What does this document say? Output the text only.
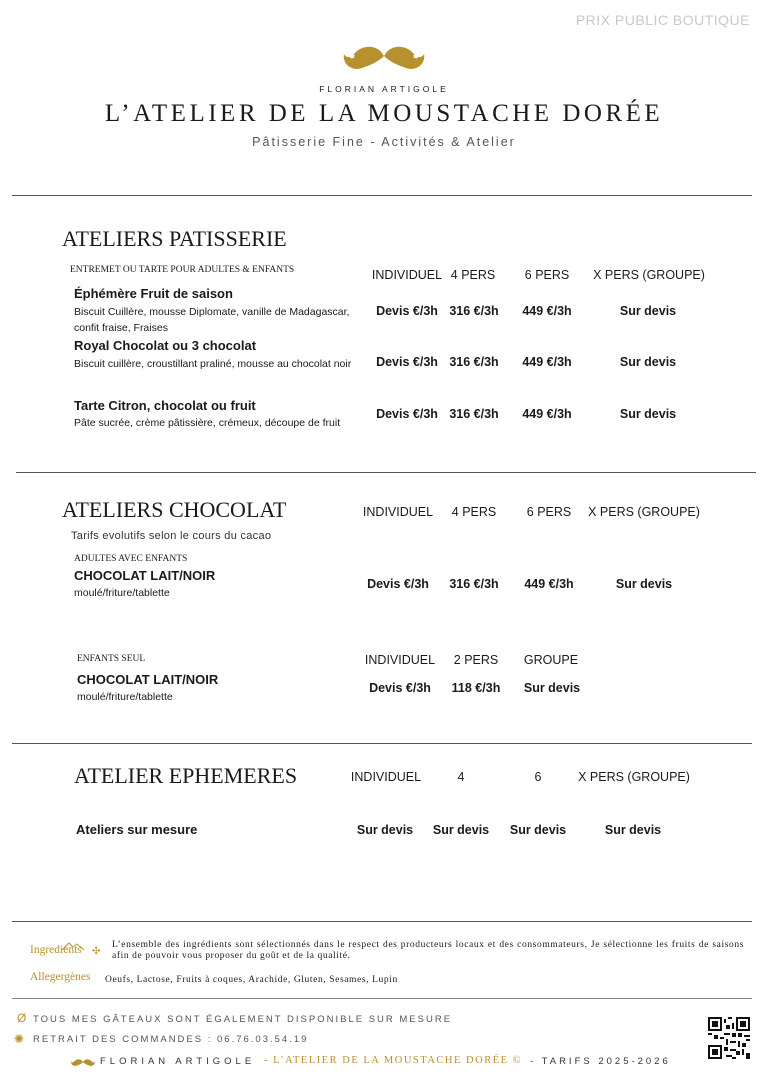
PRIX PUBLIC BOUTIQUE
FLORIAN ARTIGOLE
L’ATELIER DE LA MOUSTACHE DORÉE
Pâtisserie Fine - Activités & Atelier
ATELIERS PATISSERIE
ENTREMET OU TARTE POUR ADULTES & ENFANTS	INDIVIDUEL 4 PERS	6 PERS	X PERS (GROUPE)
Éphémère Fruit de saison
Biscuit Cuillère, mousse Diplomate, vanille de Madagascar, confit fraise, Fraises
Devis €/3h 316 €/3h	449 €/3h	Sur devis
Royal Chocolat ou 3 chocolat
Biscuit cuillère, croustillant praliné, mousse au chocolat noir	Devis €/3h 316 €/3h	449 €/3h	Sur devis
Tarte Citron, chocolat ou fruit
Pâte sucrée, crème pâtissière, crémeux, découpe de fruit
Devis €/3h 316 €/3h	449 €/3h	Sur devis
ATELIERS CHOCOLAT	INDIVIDUEL	4 PERS	6 PERS	X PERS (GROUPE)
Tarifs evolutifs selon le cours du cacao
ADULTES AVEC ENFANTS
CHOCOLAT LAIT/NOIR
moulé/friture/tablette
Devis €/3h	316 €/3h	449 €/3h	Sur devis
ENFANTS SEUL	INDIVIDUEL	2 PERS	GROUPE
CHOCOLAT LAIT/NOIR
moulé/friture/tablette
Devis €/3h	118 €/3h	Sur devis
ATELIER EPHEMERES	INDIVIDUEL	4	6	X PERS (GROUPE)
Ateliers sur mesure	Sur devis	Sur devis	Sur devis	Sur devis
Ingredients ✣
L’ensemble des ingrédients sont sélectionnés dans le respect des producteurs locaux et des consommateurs, Je sélectionne les fruits de saisons afin de pouvoir vous proposer du goût et de la qualité.
Allegergènes Oeufs, Lactose, Fruits à coques, Arachide, Gluten, Sesames, Lupin
Ø TOUS MES GÂTEAUX SONT ÉGALEMENT DISPONIBLE SUR MESURE
✺ RETRAIT DES COMMANDES : 06.76.03.54.19
FLORIAN ARTIGOLE - L’ATELIER DE LA MOUSTACHE DORÉE © - TARIFS 2025-2026
